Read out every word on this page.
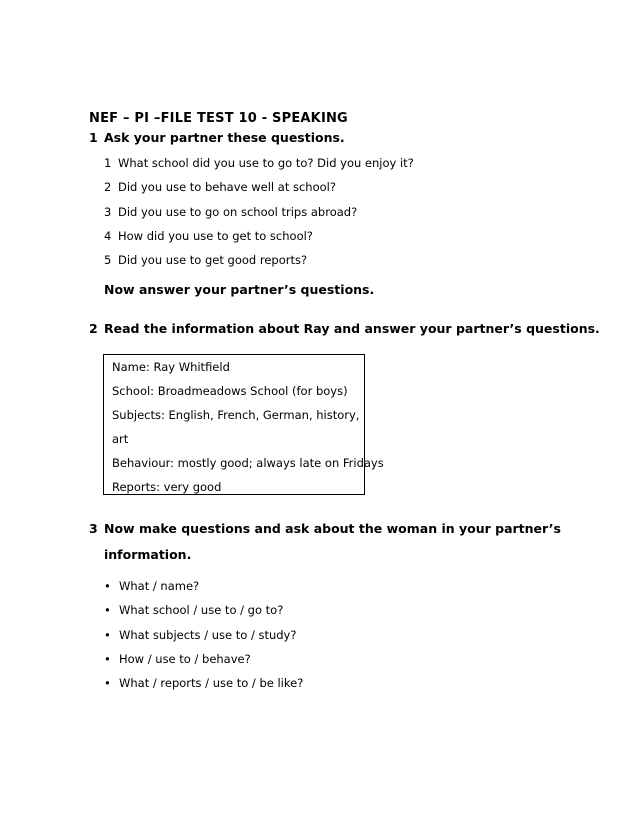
NEF – PI –FILE TEST 10 - SPEAKING
1 Ask your partner these questions.
1 What school did you use to go to? Did you enjoy it?
2 Did you use to behave well at school?
3 Did you use to go on school trips abroad?
4 How did you use to get to school?
5 Did you use to get good reports?
Now answer your partner’s questions.
2 Read the information about Ray and answer your partner’s questions.
Name: Ray Whitfield
School: Broadmeadows School (for boys)
Subjects: English, French, German, history,
art
Behaviour: mostly good; always late on Fridays
Reports: very good
3 Now make questions and ask about the woman in your partner’s
information.
• What / name?
• What school / use to / go to?
• What subjects / use to / study?
• How / use to / behave?
• What / reports / use to / be like?
